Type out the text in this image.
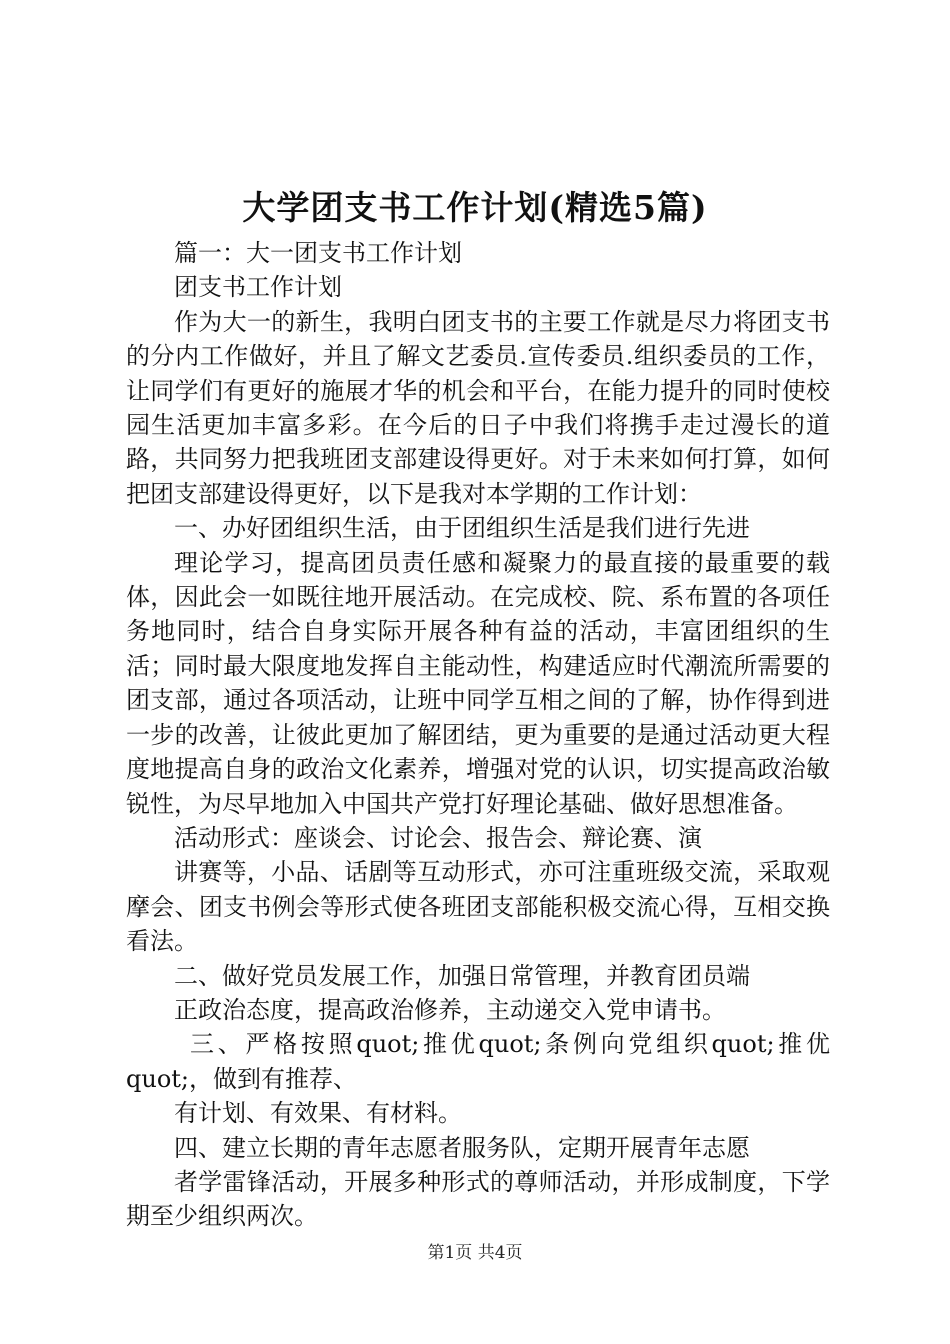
大学团支书工作计划(精选5篇)

篇一：大一团支书工作计划

团支书工作计划

作为大一的新生，我明白团支书的主要工作就是尽力将团支书的分内工作做好，并且了解文艺委员.宣传委员.组织委员的工作，让同学们有更好的施展才华的机会和平台，在能力提升的同时使校园生活更加丰富多彩。在今后的日子中我们将携手走过漫长的道路，共同努力把我班团支部建设得更好。对于未来如何打算，如何把团支部建设得更好，以下是我对本学期的工作计划：

一、办好团组织生活，由于团组织生活是我们进行先进

理论学习，提高团员责任感和凝聚力的最直接的最重要的载体，因此会一如既往地开展活动。在完成校、院、系布置的各项任务地同时，结合自身实际开展各种有益的活动，丰富团组织的生活；同时最大限度地发挥自主能动性，构建适应时代潮流所需要的团支部，通过各项活动，让班中同学互相之间的了解，协作得到进一步的改善，让彼此更加了解团结，更为重要的是通过活动更大程度地提高自身的政治文化素养，增强对党的认识，切实提高政治敏锐性，为尽早地加入中国共产党打好理论基础、做好思想准备。

活动形式：座谈会、讨论会、报告会、辩论赛、演

讲赛等，小品、话剧等互动形式，亦可注重班级交流，采取观摩会、团支书例会等形式使各班团支部能积极交流心得，互相交换看法。

二、做好党员发展工作，加强日常管理，并教育团员端

正政治态度，提高政治修养，主动递交入党申请书。

三、严格按照quot;推优quot;条例向党组织quot;推优quot;，做到有推荐、

有计划、有效果、有材料。

四、建立长期的青年志愿者服务队，定期开展青年志愿

者学雷锋活动，开展多种形式的尊师活动，并形成制度，下学期至少组织两次。

第1页 共4页
